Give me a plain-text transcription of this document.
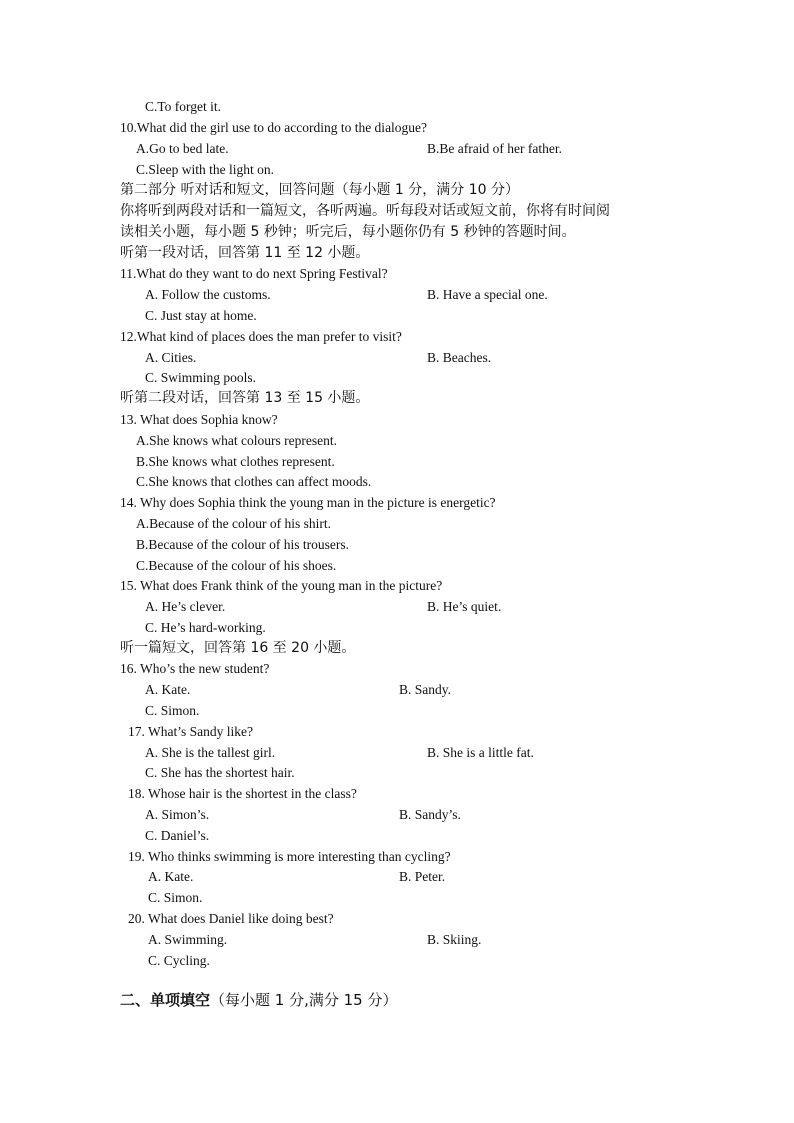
C.To forget it.
10.What did the girl use to do according to the dialogue?
A.Go to bed late.	B.Be afraid of her father.
C.Sleep with the light on.
第二部分 听对话和短文，回答问题（每小题 1 分，满分 10 分）
你将听到两段对话和一篇短文，各听两遍。听每段对话或短文前，你将有时间阅
读相关小题，每小题 5 秒钟；听完后，每小题你仍有 5 秒钟的答题时间。
听第一段对话，回答第 11 至 12 小题。
11.What do they want to do next Spring Festival?
A. Follow the customs.	B. Have a special one.
C. Just stay at home.
12.What kind of places does the man prefer to visit?
A. Cities.	B. Beaches.
C. Swimming pools.
听第二段对话，回答第 13 至 15 小题。
13. What does Sophia know?
A.She knows what colours represent.
B.She knows what clothes represent.
C.She knows that clothes can affect moods.
14. Why does Sophia think the young man in the picture is energetic?
A.Because of the colour of his shirt.
B.Because of the colour of his trousers.
C.Because of the colour of his shoes.
15. What does Frank think of the young man in the picture?
A. He’s clever.	B. He’s quiet.
C. He’s hard-working.
听一篇短文，回答第 16 至 20 小题。
16. Who’s the new student?
A. Kate.	B. Sandy.
C. Simon.
17. What’s Sandy like?
A. She is the tallest girl.	B. She is a little fat.
C. She has the shortest hair.
18. Whose hair is the shortest in the class?
A. Simon’s.	B. Sandy’s.
C. Daniel’s.
19. Who thinks swimming is more interesting than cycling?
A. Kate.	B. Peter.
C. Simon.
20. What does Daniel like doing best?
A. Swimming.	B. Skiing.
C. Cycling.
二、单项填空（每小题 1 分,满分 15 分）
